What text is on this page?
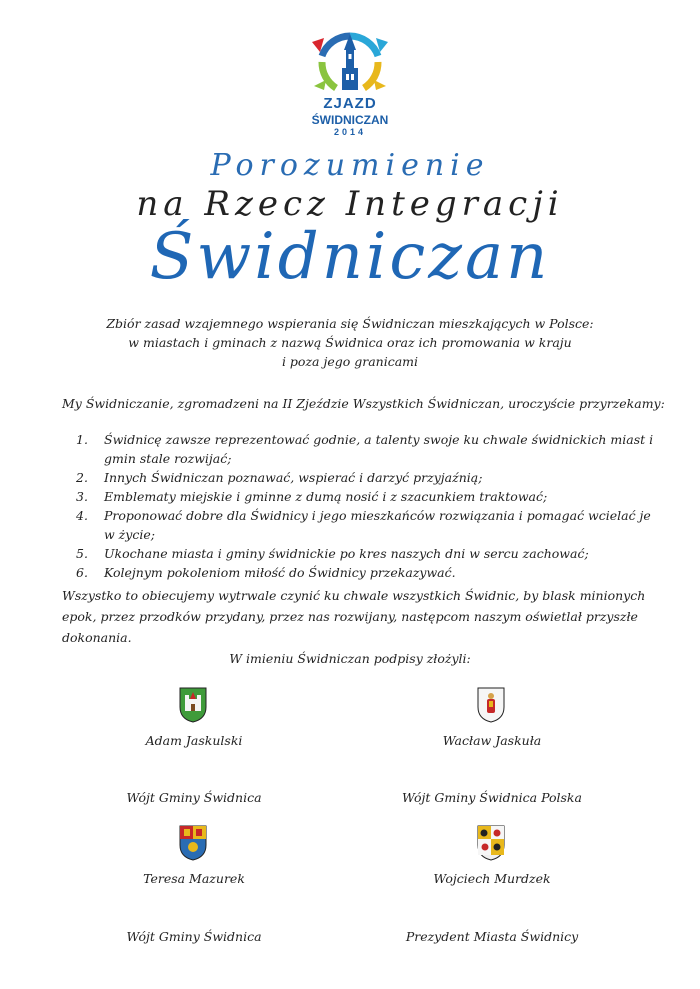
ZJAZD
ŚWIDNICZAN
2014
Porozumienie
na Rzecz Integracji
Świdniczan
Zbiór zasad wzajemnego wspierania się Świdniczan mieszkających w Polsce:
w miastach i gminach z nazwą Świdnica oraz ich promowania w kraju
i poza jego granicami
My Świdniczanie, zgromadzeni na II Zjeździe Wszystkich Świdniczan, uroczyście przyrzekamy:
1. Świdnicę zawsze reprezentować godnie, a talenty swoje ku chwale świdnickich miast i gmin stale rozwijać;
2. Innych Świdniczan poznawać, wspierać i darzyć przyjaźnią;
3. Emblematy miejskie i gminne z dumą nosić i z szacunkiem traktować;
4. Proponować dobre dla Świdnicy i jego mieszkańców rozwiązania i pomagać wcielać je w życie;
5. Ukochane miasta i gminy świdnickie po kres naszych dni w sercu zachować;
6. Kolejnym pokoleniom miłość do Świdnicy przekazywać.
Wszystko to obiecujemy wytrwale czynić ku chwale wszystkich Świdnic, by blask minionych epok, przez przodków przydany, przez nas rozwijany, następcom naszym oświetlał przyszłe dokonania.
W imieniu Świdniczan podpisy złożyli:
Adam Jaskulski	Wacław Jaskuła
Wójt Gminy Świdnica	Wójt Gminy Świdnica Polska
Teresa Mazurek	Wojciech Murdzek
Wójt Gminy Świdnica	Prezydent Miasta Świdnicy
